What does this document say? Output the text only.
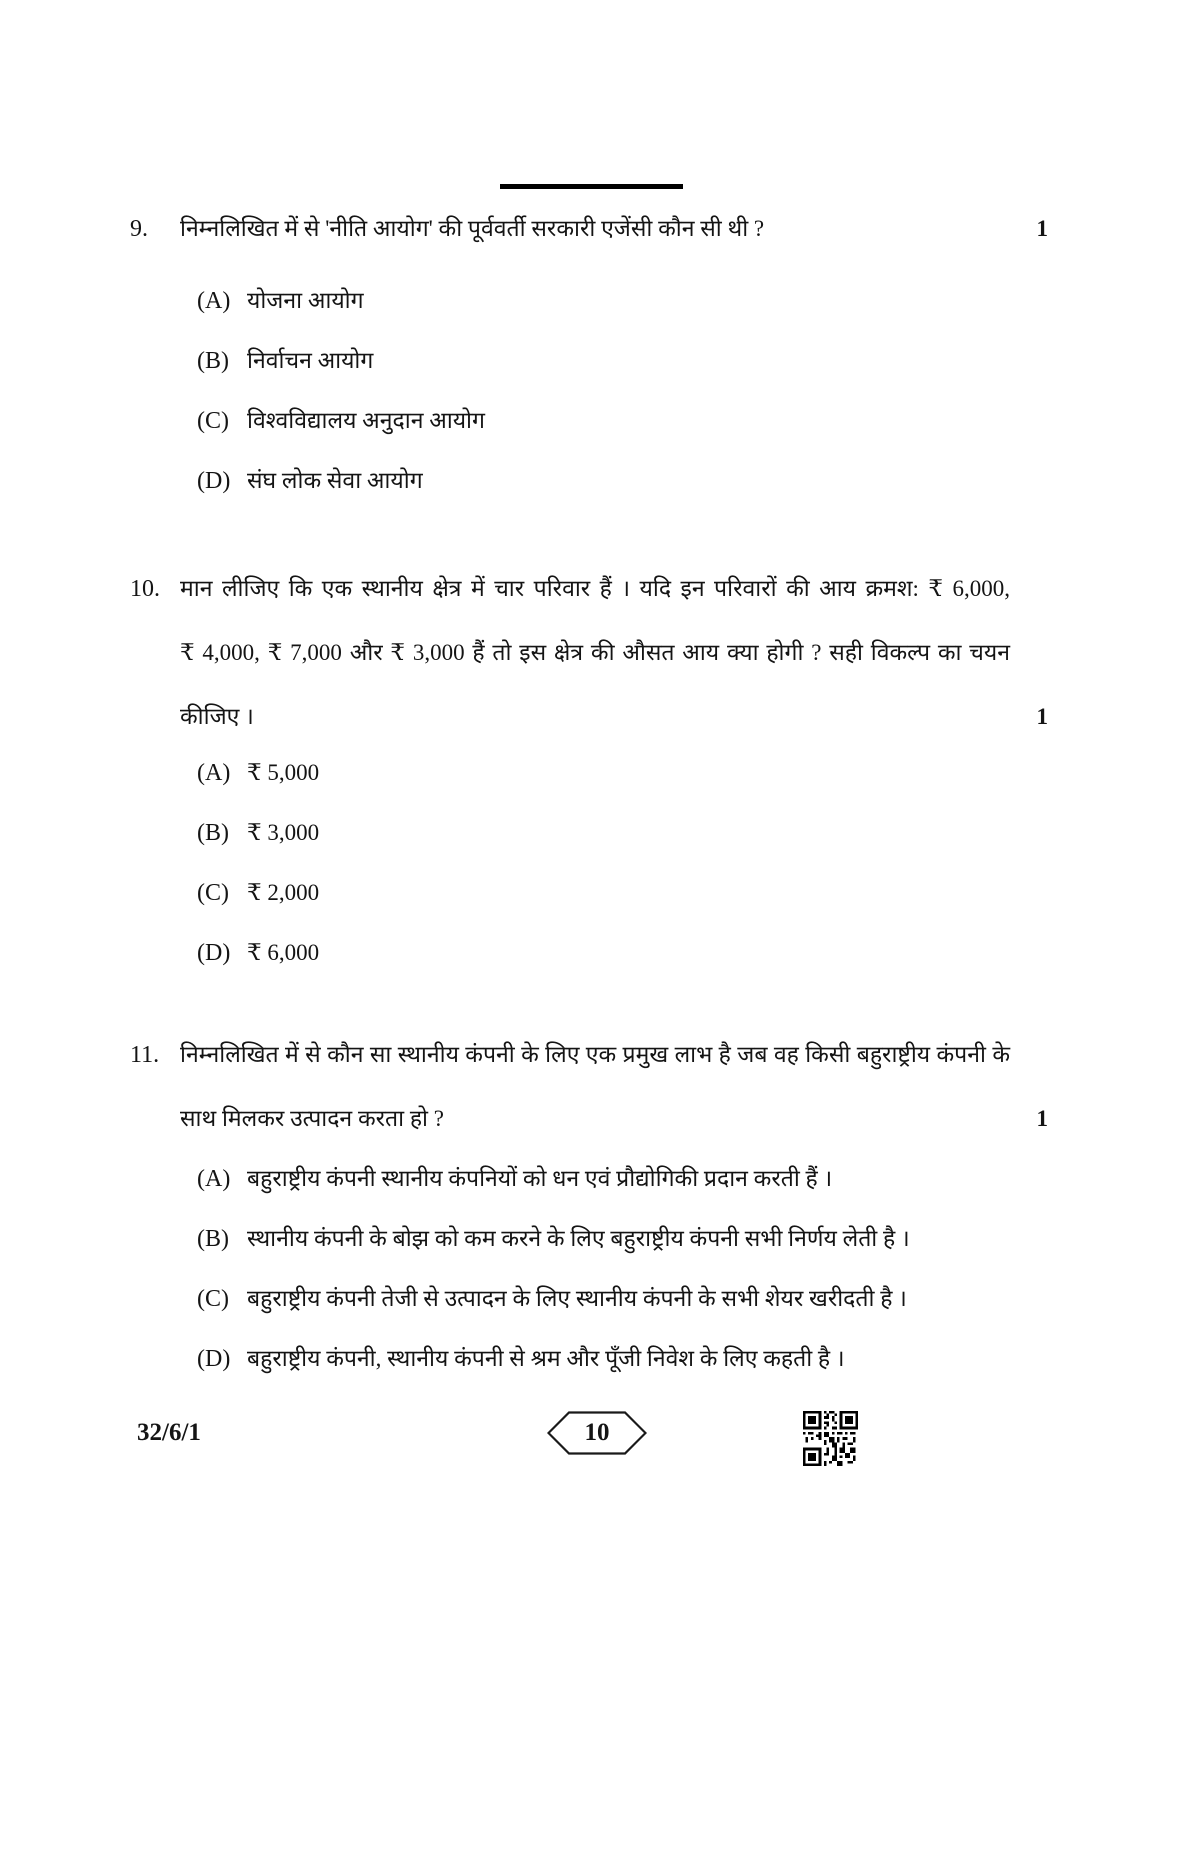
9.	निम्नलिखित में से 'नीति आयोग' की पूर्ववर्ती सरकारी एजेंसी कौन सी थी ?	1
(A) योजना आयोग
(B) निर्वाचन आयोग
(C) विश्वविद्यालय अनुदान आयोग
(D) संघ लोक सेवा आयोग
10. मान लीजिए कि एक स्थानीय क्षेत्र में चार परिवार हैं । यदि इन परिवारों की आय क्रमश: ₹ 6,000,
₹ 4,000, ₹ 7,000 और ₹ 3,000 हैं तो इस क्षेत्र की औसत आय क्या होगी ? सही विकल्प का चयन
कीजिए ।	1
(A) ₹ 5,000
(B) ₹ 3,000
(C) ₹ 2,000
(D) ₹ 6,000
11. निम्नलिखित में से कौन सा स्थानीय कंपनी के लिए एक प्रमुख लाभ है जब वह किसी बहुराष्ट्रीय कंपनी के
साथ मिलकर उत्पादन करता हो ?	1
(A) बहुराष्ट्रीय कंपनी स्थानीय कंपनियों को धन एवं प्रौद्योगिकी प्रदान करती हैं ।
(B) स्थानीय कंपनी के बोझ को कम करने के लिए बहुराष्ट्रीय कंपनी सभी निर्णय लेती है ।
(C) बहुराष्ट्रीय कंपनी तेजी से उत्पादन के लिए स्थानीय कंपनी के सभी शेयर खरीदती है ।
(D) बहुराष्ट्रीय कंपनी, स्थानीय कंपनी से श्रम और पूँजी निवेश के लिए कहती है ।
32/6/1	10
